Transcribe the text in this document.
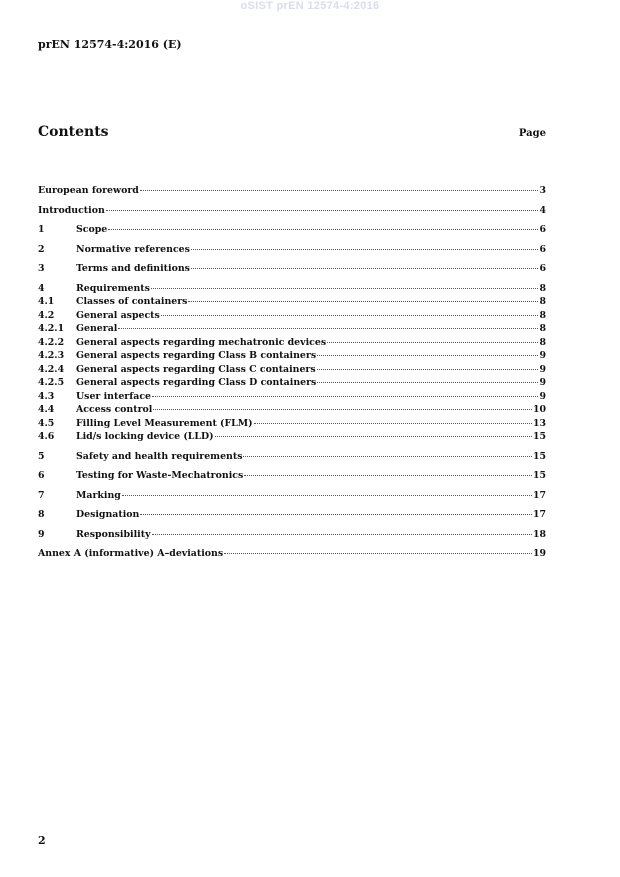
oSIST prEN 12574-4:2016
prEN 12574-4:2016 (E)
Contents	Page
European foreword	3
Introduction	4
1	Scope	6
2	Normative references	6
3	Terms and definitions	6
4	Requirements	8
4.1	Classes of containers	8
4.2	General aspects	8
4.2.1	General	8
4.2.2	General aspects regarding mechatronic devices	8
4.2.3	General aspects regarding Class B containers	9
4.2.4	General aspects regarding Class C containers	9
4.2.5	General aspects regarding Class D containers	9
4.3	User interface	9
4.4	Access control	10
4.5	Filling Level Measurement (FLM)	13
4.6	Lid/s locking device (LLD)	15
5	Safety and health requirements	15
6	Testing for Waste-Mechatronics	15
7	Marking	17
8	Designation	17
9	Responsibility	18
Annex A (informative) A–deviations	19
2
